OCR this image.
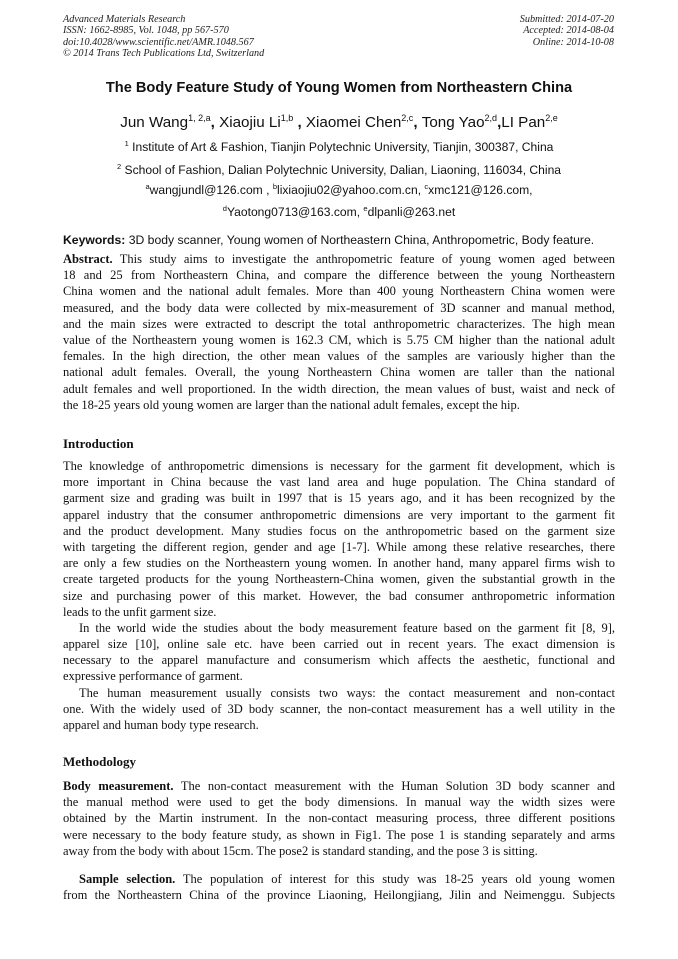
Advanced Materials Research
ISSN: 1662-8985, Vol. 1048, pp 567-570
doi:10.4028/www.scientific.net/AMR.1048.567
© 2014 Trans Tech Publications Ltd, Switzerland
Submitted: 2014-07-20
Accepted: 2014-08-04
Online: 2014-10-08
The Body Feature Study of Young Women from Northeastern China
Jun Wang$^{1, 2,a}$, Xiaojiu Li$^{1,b}$ , Xiaomei Chen$^{2,c}$, Tong Yao$^{2,d}$,LI Pan$^{2,e}$
$^1$ Institute of Art & Fashion, Tianjin Polytechnic University, Tianjin, 300387, China
$^2$ School of Fashion, Dalian Polytechnic University, Dalian, Liaoning, 116034, China
$^a$wangjundl@126.com , $^b$lixiaojiu02@yahoo.com.cn, $^c$xmc121@126.com,
$^d$Yaotong0713@163.com, $^e$dlpanli@263.net
Keywords: 3D body scanner, Young women of Northeastern China, Anthropometric, Body feature.
Abstract. This study aims to investigate the anthropometric feature of young women aged between
18 and 25 from Northeastern China, and compare the difference between the young Northeastern
China women and the national adult females. More than 400 young Northeastern China women were
measured, and the body data were collected by mix-measurement of 3D scanner and manual method,
and the main sizes were extracted to descript the total anthropometric characterizes. The high mean
value of the Northeastern young women is 162.3 CM, which is 5.75 CM higher than the national adult
females. In the high direction, the other mean values of the samples are variously higher than the
national adult females. Overall, the young Northeastern China women are taller than the national
adult females and well proportioned. In the width direction, the mean values of bust, waist and neck of
the 18-25 years old young women are larger than the national adult females, except the hip.
Introduction
The knowledge of anthropometric dimensions is necessary for the garment fit development, which is
more important in China because the vast land area and huge population. The China standard of
garment size and grading was built in 1997 that is 15 years ago, and it has been recognized by the
apparel industry that the consumer anthropometric dimensions are very important to the garment fit
and the product development. Many studies focus on the anthropometric based on the garment size
with targeting the different region, gender and age [1-7]. While among these relative researches, there
are only a few studies on the Northeastern young women. In another hand, many apparel firms wish to
create targeted products for the young Northeastern-China women, given the substantial growth in the
size and purchasing power of this market. However, the bad consumer anthropometric information
leads to the unfit garment size.
In the world wide the studies about the body measurement feature based on the garment fit [8, 9],
apparel size [10], online sale etc. have been carried out in recent years. The exact dimension is
necessary to the apparel manufacture and consumerism which affects the aesthetic, functional and
expressive performance of garment.
The human measurement usually consists two ways: the contact measurement and non-contact
one. With the widely used of 3D body scanner, the non-contact measurement has a well utility in the
apparel and human body type research.
Methodology
Body measurement. The non-contact measurement with the Human Solution 3D body scanner and
the manual method were used to get the body dimensions. In manual way the width sizes were
obtained by the Martin instrument. In the non-contact measuring process, three different positions
were necessary to the body feature study, as shown in Fig1. The pose 1 is standing separately and arms
away from the body with about 15cm. The pose2 is standard standing, and the pose 3 is sitting.
Sample selection. The population of interest for this study was 18-25 years old young women
from the Northeastern China of the province Liaoning, Heilongjiang, Jilin and Neimenggu. Subjects
